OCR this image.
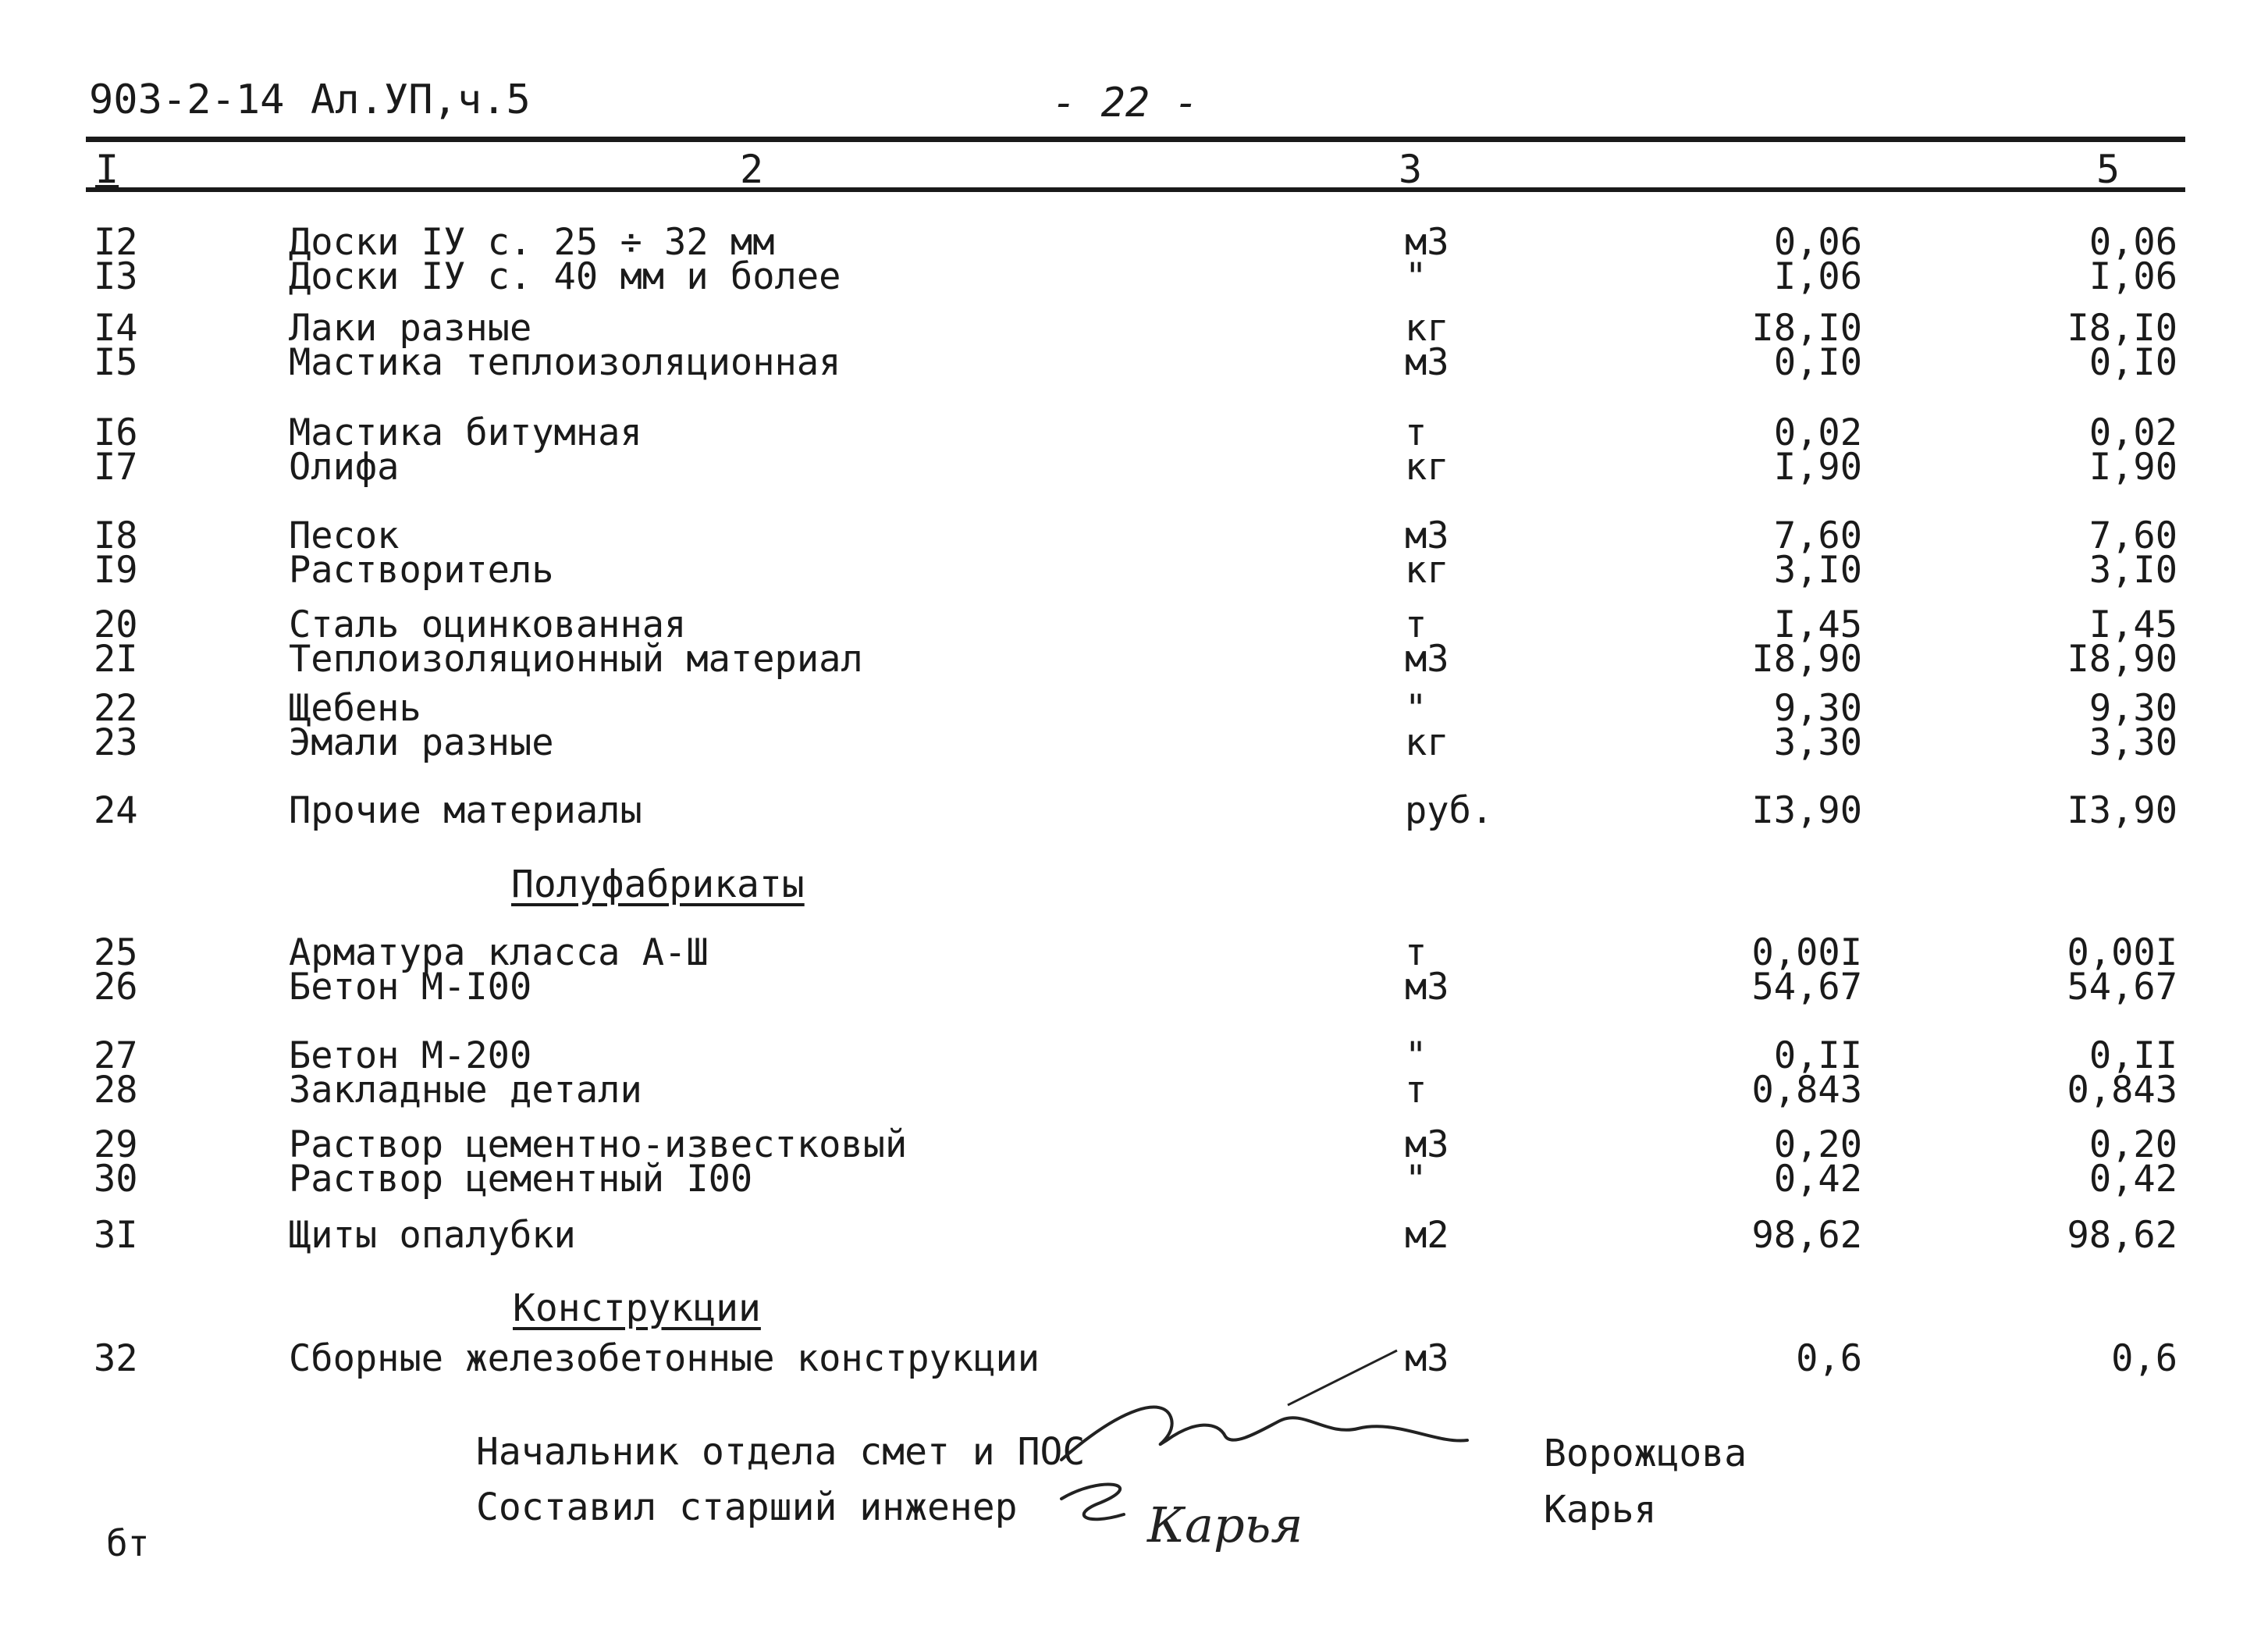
903-2-14 Ал.УП,ч.5	- 22 -
I	2	3	5
I2	Доски IУ с. 25 ÷ 32 мм	м3	0,06	0,06
I3	Доски IУ с. 40 мм и более	"	I,06	I,06
I4	Лаки разные	кг	I8,I0	I8,I0
I5	Мастика теплоизоляционная	м3	0,I0	0,I0
I6	Мастика битумная	т	0,02	0,02
I7	Олифа	кг	I,90	I,90
I8	Песок	м3	7,60	7,60
I9	Растворитель	кг	3,I0	3,I0
20	Сталь оцинкованная	т	I,45	I,45
2I	Теплоизоляционный материал	м3	I8,90	I8,90
22	Щебень	"	9,30	9,30
23	Эмали разные	кг	3,30	3,30
24	Прочие материалы	руб.	I3,90	I3,90
Полуфабрикаты
25	Арматура класса А-Ш	т	0,00I	0,00I
26	Бетон М-I00	м3	54,67	54,67
27	Бетон М-200	"	0,II	0,II
28	Закладные детали	т	0,843	0,843
29	Раствор цементно-известковый	м3	0,20	0,20
30	Раствор цементный I00	"	0,42	0,42
3I	Щиты опалубки	м2	98,62	98,62
Конструкции
32	Сборные железобетонные конструкции	м3	0,6	0,6
Начальник отдела смет и ПОС	Ворожцова
Составил старший инженер	Карья
Карья
бт
